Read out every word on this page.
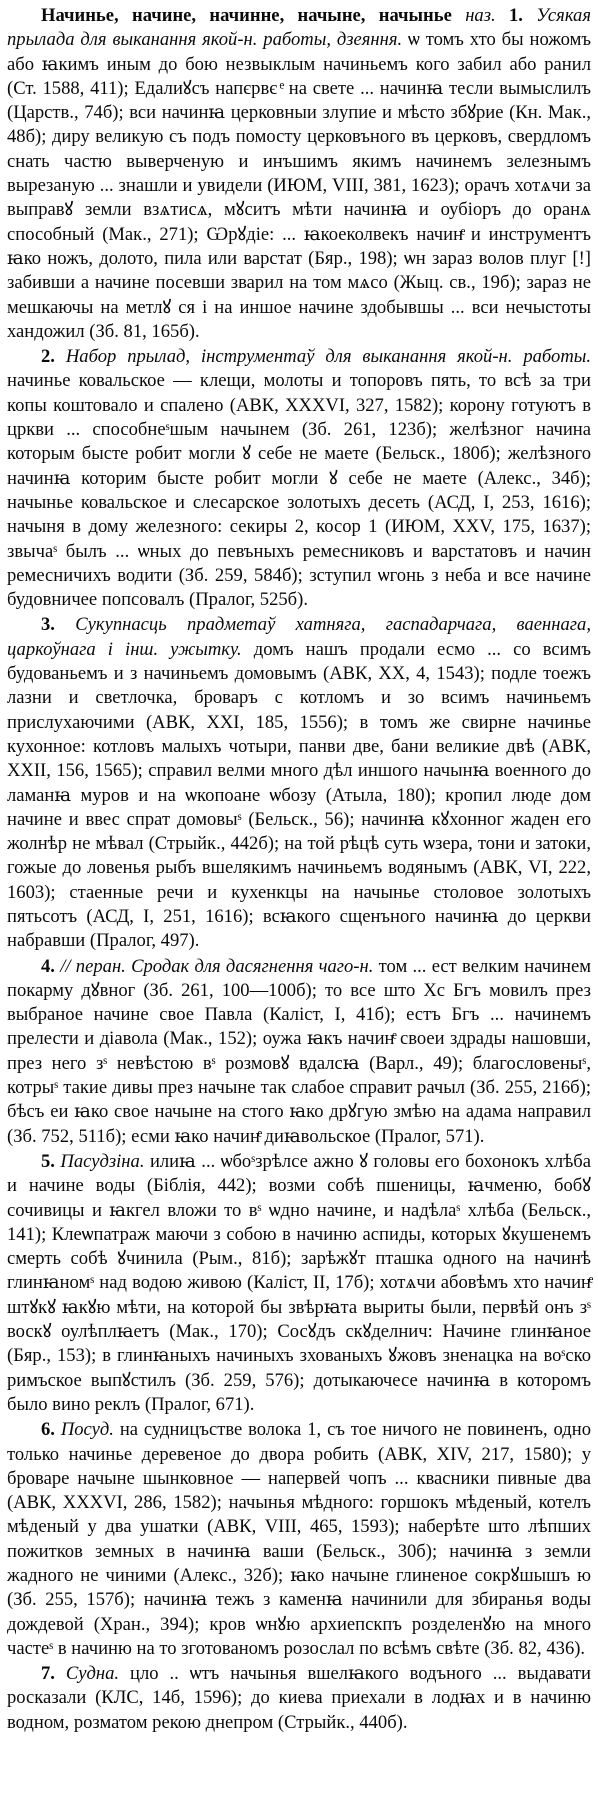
Начинье, начине, начинне, начыне, начынье наз. 1. Усякая прылада для выканання якой-н. работы, дзеяння. ѡ томъ хто бы ножомъ або ꙗкимъ иным до бою незвыклым начиньемъ кого забил або ранил (Ст. 1588, 411); Едалиꙋсъ напєрвє ͤ на светe ... начинꙗ тесли вымыслилъ (Царств., 74б); вси начинꙗ церковныи злупиe и мѣсто збꙋриe (Кн. Мак., 48б); диру великую съ подъ помосту церковъного въ церковъ, свердломъ снать частю выверченую и инъшимъ якимъ начинемъ зелезнымъ вырезаную ... знашли и увидели (ИЮМ, VIII, 381, 1623); орачъ хотѧчи за выправꙋ земли взѧтисѧ, мꙋситъ мѣти начинꙗ и оубіоръ до оранѧ способный (Мак., 271); Ѡрꙋдіе: ... ꙗкоеколвекъ начинͤ и инструментъ ꙗко ножъ, долото, пила или варстат (Бяр., 198); ѡн зараз волов плуг [!] забивши а начине посевши зварил на том мѧсо (Жыц. св., 19б); зараз не мешкаючы на метлꙋ ся і на иншое начине здобывшы ... вси нечыстоты хандожил (Зб. 81, 165б).

2. Набор прылад, інструментаў для выканання якой-н. работы. начинье ковальское — клещи, молоты и топоровъ пять, то всѣ за три копы коштовало и спалено (АВК, XXXVI, 327, 1582); корону готуютъ в цркви ... способнеˢшым начынем (Зб. 261, 123б); желѣзног начина которым бысте робит могли ꙋ себе не маете (Бельск., 180б); желѣзного начинꙗ которим бысте робит могли ꙋ себе не маете (Алекс., 34б); начынье ковальское и слесарское золотыхъ десеть (АСД, I, 253, 1616); начыня в дому железного: секиры 2, косор 1 (ИЮМ, XXV, 175, 1637); звычаˢ былъ ... ѡных до певъныхъ ремесниковъ и варстатовъ и начин ремесничихъ водити (Зб. 259, 584б); зступил ѡгонь з неба и все начине будовничее попсовалъ (Пралог, 525б).

3. Сукупнасць прадметаў хатняга, гаспадарчага, ваеннага, царкоўнага і інш. ужытку. домъ нашъ продали есмо ... со всимъ будованьемъ и з начиньемъ домовымъ (АВК, XX, 4, 1543); подле тоежъ лазни и светлочка, броваръ с котломъ и зо всимъ начиньемъ прислухаючими (АВК, XXI, 185, 1556); в томъ же свирне начинье кухонное: котловъ малыхъ чотыри, панви две, бани великие двѣ (АВК, XXII, 156, 1565); справил велми много дѣл иншого начынꙗ военного до ламанꙗ муров и на ѡкопоане ѡбозу (Атыла, 180); кропил люде дом начине и ввес спрат домовыˢ (Бельск., 56); начинꙗ кꙋхонног жаден его жолнѣр не мѣвал (Стрыйк., 442б); на той рѣцѣ суть ѡзера, тони и затоки, гожые до ловенья рыбъ вшелякимъ начиньемъ водянымъ (АВК, VI, 222, 1603); стаенные речи и кухенкцы на начынье столовое золотыхъ пятьсотъ (АСД, I, 251, 1616); всꙗкого сщенъного начинꙗ до церкви набравши (Пралог, 497).

4. // перан. Сродак для дасягнення чаго-н. том ... ест велким начинем покарму дꙋвног (Зб. 261, 100—100б); то все што Хс Бгъ мовилъ през выбраное начине свое Павла (Каліст, I, 41б); естъ Бгъ ... начинемъ прелести и діавола (Мак., 152); оужа ꙗкъ начинͤ своеи здрады нашовши, през него зˢ невѣстою вˢ розмовꙋ вдалсꙗ (Варл., 49); благословеныˢ, котрыˢ такие дивы през начыне так слабое справит рачыл (Зб. 255, 216б); бѣсъ еи ꙗко свое начыне на стого ꙗко дрꙋгую змѣю на адама направил (Зб. 752, 511б); есми ꙗко начинͤ диꙗвольское (Пралог, 571).

5. Пасудзіна. илиꙗ ... ѡбоˢзрѣлсе ажно ꙋ головы его бохонокъ хлѣба и начине воды (Біблія, 442); возми собѣ пшеницы, ꙗчменю, бобꙋ сочивицы и ꙗкгел вложи то вˢ ѡдно начине, и надѣлаˢ хлѣба (Бельск., 141); Клеѡпатраж маючи з собою в начиню аспиды, которых ꙋкушенемъ смерть собѣ ꙋчинила (Рым., 81б); зарѣжꙋт пташка одного на начинѣ глинꙗномˢ над водою живою (Каліст, II, 17б); хотѧчи абовѣмъ хто начинͤ штꙋкꙋ ꙗкꙋю мѣти, на которой бы звѣрꙗта выриты были, первѣй онъ зˢ воскꙋ оулѣплꙗетъ (Мак., 170); Сосꙋдъ скꙋделнич: Начине глинꙗное (Бяр., 153); в глинꙗныхъ начиныхъ зхованыхъ ꙋжовъ зненацка на воˢско римъское выпꙋстилъ (Зб. 259, 576); дотыкаючесе начинꙗ в которомъ было вино реклъ (Пралог, 671).

6. Посуд. на судницъстве волока 1, съ тое ничого не повиненъ, одно только начинье деревеное до двора робить (АВК, XIV, 217, 1580); у броваре начыне шынковное — напервей чопъ ... квасники пивные два (АВК, XXXVI, 286, 1582); начынья мѣдного: горшокъ мѣденый, котелъ мѣденый у два ушатки (АВК, VIII, 465, 1593); наберѣте што лѣпших пожитков земных в начинꙗ ваши (Бельск., 30б); начинꙗ з земли жадного не чиними (Алекс., 32б); ꙗко начыне глиненое сокрꙋшышъ ю (Зб. 255, 157б); начинꙗ тежъ з каменꙗ начинили для збиранья воды дождевой (Хран., 394); кров ѡнꙋю архиепскпъ розделенꙋю на много частеˢ в начиню на то зготованомъ розослал по всѣмъ свѣте (Зб. 82, 436).

7. Судна. цло .. ѡтъ начынья вшелꙗкого водъного ... выдавати росказали (КЛС, 14б, 1596); до киева приехали в лодꙗх и в начиню водном, розматом рекою днепром (Стрыйк., 440б).
